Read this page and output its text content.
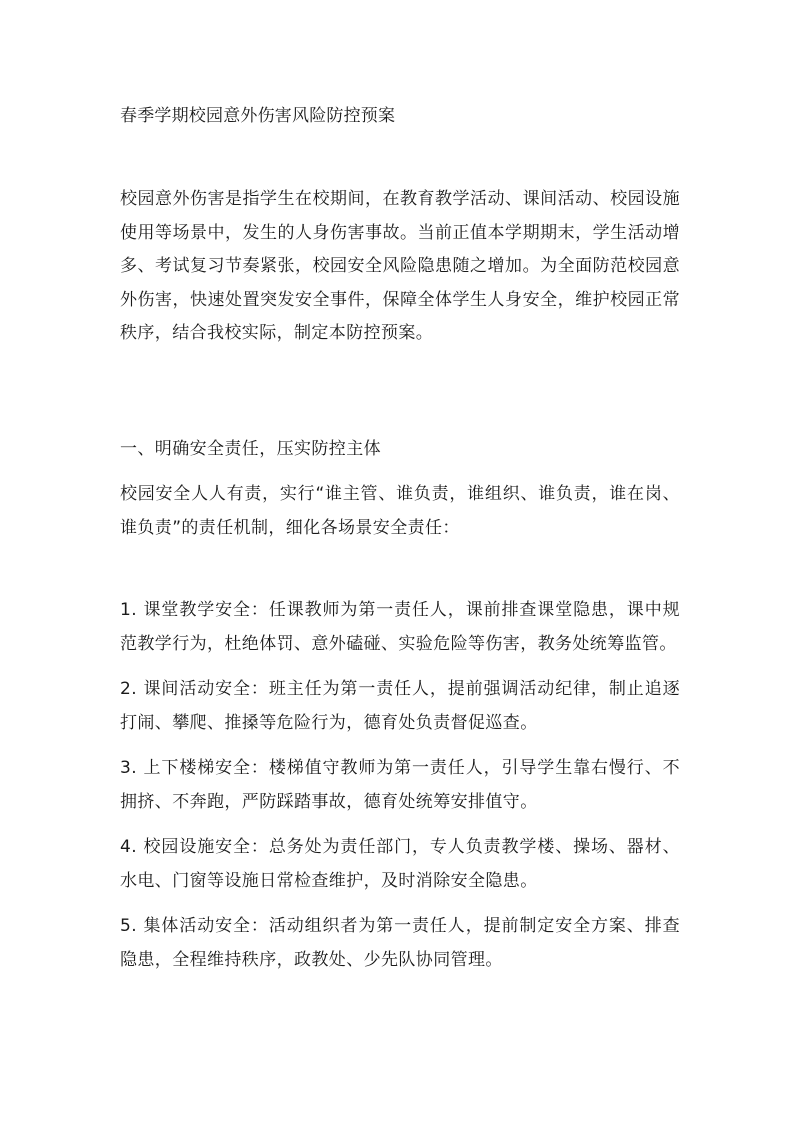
春季学期校园意外伤害风险防控预案

校园意外伤害是指学生在校期间，在教育教学活动、课间活动、校园设施使用等场景中，发生的人身伤害事故。当前正值本学期期末，学生活动增多、考试复习节奏紧张，校园安全风险隐患随之增加。为全面防范校园意外伤害，快速处置突发安全事件，保障全体学生人身安全，维护校园正常秩序，结合我校实际，制定本防控预案。

一、明确安全责任，压实防控主体

校园安全人人有责，实行“谁主管、谁负责，谁组织、谁负责，谁在岗、谁负责”的责任机制，细化各场景安全责任：

1. 课堂教学安全：任课教师为第一责任人，课前排查课堂隐患，课中规范教学行为，杜绝体罚、意外磕碰、实验危险等伤害，教务处统筹监管。
2. 课间活动安全：班主任为第一责任人，提前强调活动纪律，制止追逐打闹、攀爬、推搡等危险行为，德育处负责督促巡查。
3. 上下楼梯安全：楼梯值守教师为第一责任人，引导学生靠右慢行、不拥挤、不奔跑，严防踩踏事故，德育处统筹安排值守。
4. 校园设施安全：总务处为责任部门，专人负责教学楼、操场、器材、水电、门窗等设施日常检查维护，及时消除安全隐患。
5. 集体活动安全：活动组织者为第一责任人，提前制定安全方案、排查隐患，全程维持秩序，政教处、少先队协同管理。
